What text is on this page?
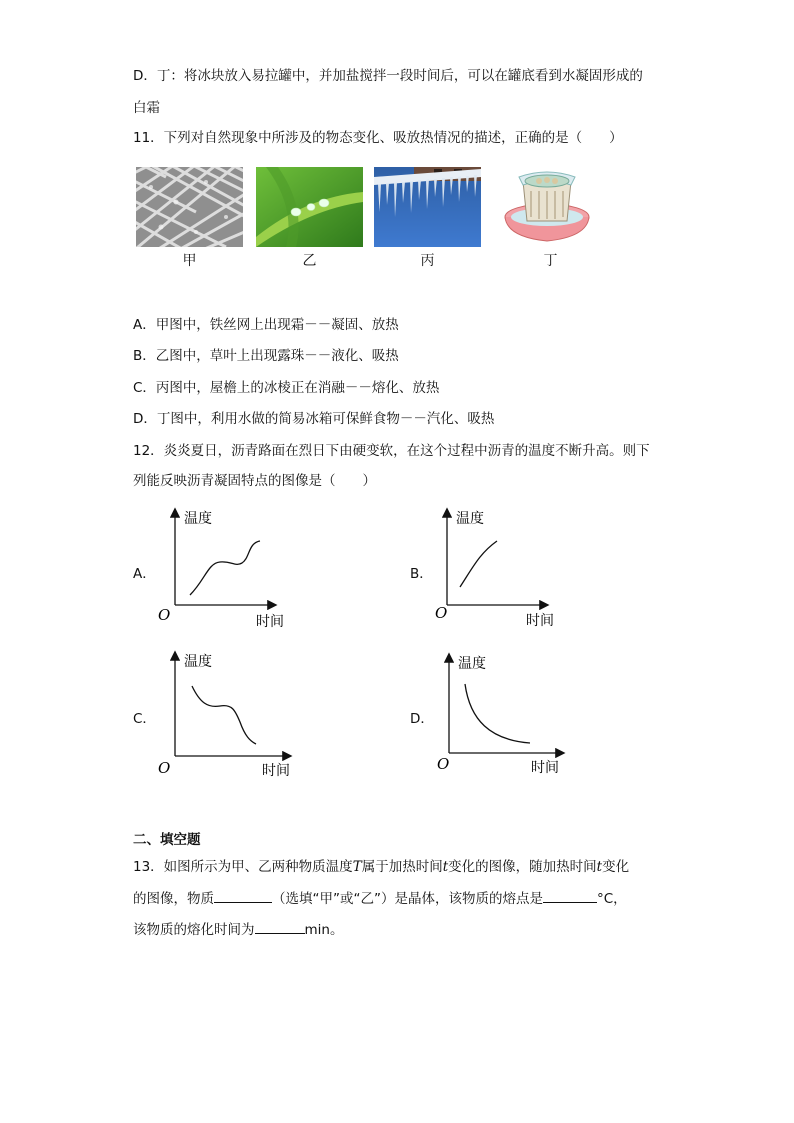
D．丁：将冰块放入易拉罐中，并加盐搅拌一段时间后，可以在罐底看到水凝固形成的
白霜
11．下列对自然现象中所涉及的物态变化、吸放热情况的描述，正确的是（　　）
甲	乙	丙	丁
A．甲图中，铁丝网上出现霜－－凝固、放热
B．乙图中，草叶上出现露珠－－液化、吸热
C．丙图中，屋檐上的冰棱正在消融－－熔化、放热
D．丁图中，利用水做的简易冰箱可保鲜食物－－汽化、吸热
12．炎炎夏日，沥青路面在烈日下由硬变软，在这个过程中沥青的温度不断升高。则下
列能反映沥青凝固特点的图像是（　　）
A．
温度
O	时间
B．
温度
O	时间
C．
温度
O	时间
D．
温度
O	时间
二、填空题
13．如图所示为甲、乙两种物质温度T属于加热时间t变化的图像，随加热时间t变化
的图像，物质	（选填“甲”或“乙”）是晶体，该物质的熔点是	°C，
该物质的熔化时间为	min。
